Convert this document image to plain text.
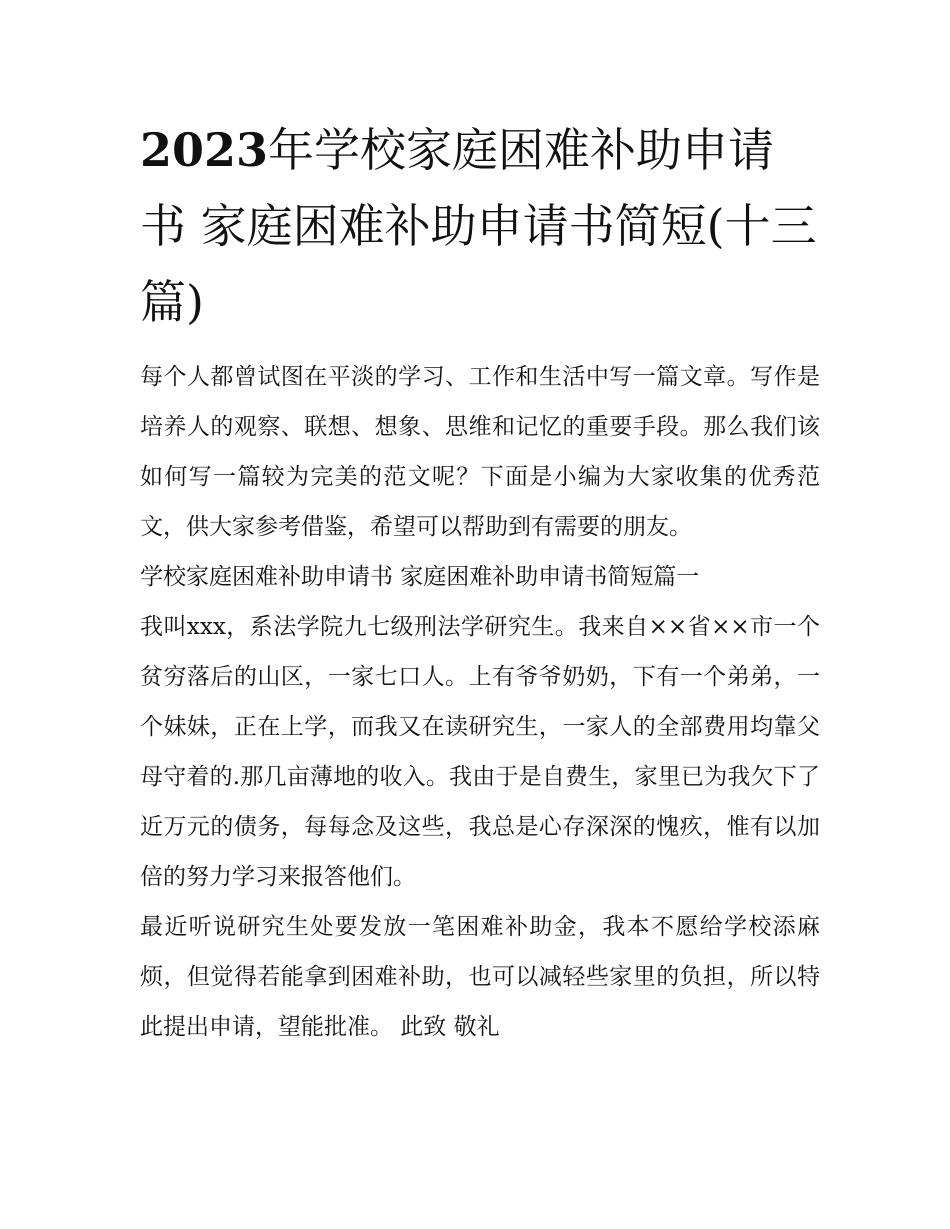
2023年学校家庭困难补助申请书 家庭困难补助申请书简短(十三篇)

每个人都曾试图在平淡的学习、工作和生活中写一篇文章。写作是培养人的观察、联想、想象、思维和记忆的重要手段。那么我们该如何写一篇较为完美的范文呢？下面是小编为大家收集的优秀范文，供大家参考借鉴，希望可以帮助到有需要的朋友。

学校家庭困难补助申请书 家庭困难补助申请书简短篇一

我叫xxx，系法学院九七级刑法学研究生。我来自××省××市一个贫穷落后的山区，一家七口人。上有爷爷奶奶，下有一个弟弟，一个妹妹，正在上学，而我又在读研究生，一家人的全部费用均靠父母守着的.那几亩薄地的收入。我由于是自费生，家里已为我欠下了近万元的债务，每每念及这些，我总是心存深深的愧疚，惟有以加倍的努力学习来报答他们。

最近听说研究生处要发放一笔困难补助金，我本不愿给学校添麻烦，但觉得若能拿到困难补助，也可以减轻些家里的负担，所以特此提出申请，望能批准。 此致 敬礼
